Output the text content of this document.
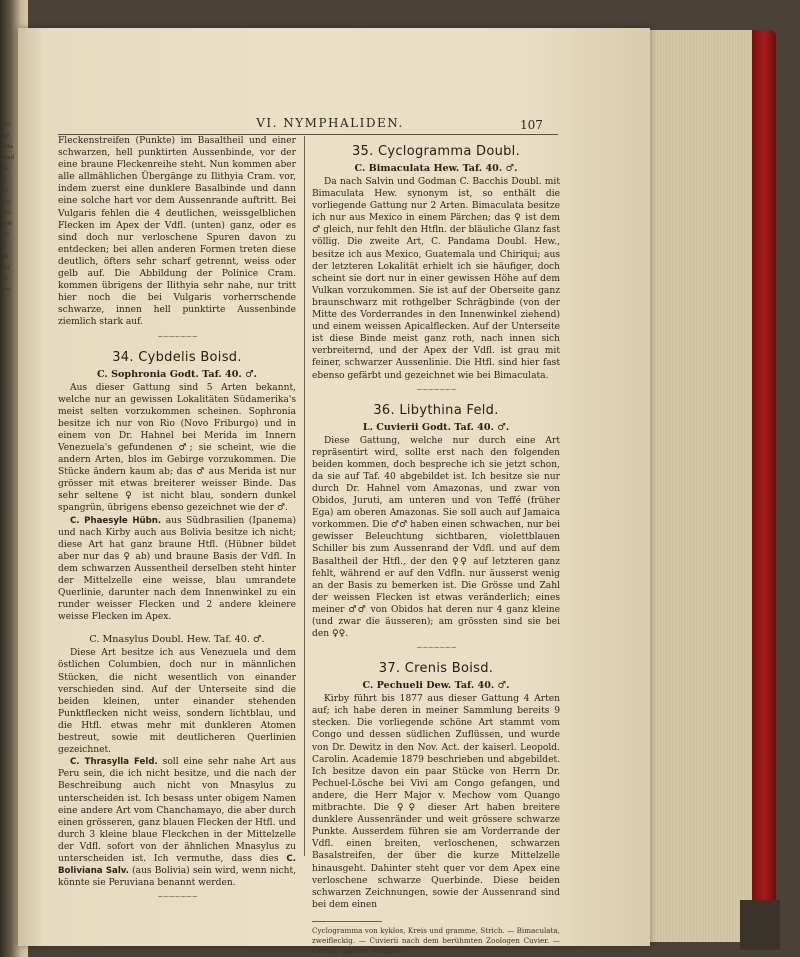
·ilfd·
·sul
·ttdo
·Stad
·tei
·d
Wir
·luu
·lles
·Mal
·dti
·in
·ler
·ittl
·en
·ent
VI. NYMPHALIDEN.	107

Fleckenstreifen (Punkte) im Basaltheil und einer schwarzen, hell punktirten Aussenbinde, vor der eine braune Fleckenreihe steht. Nun kommen aber alle allmählichen Übergänge zu Ilithyia Cram. vor, indem zuerst eine dunklere Basalbinde und dann eine solche hart vor dem Aussenrande auftritt. Bei Vulgaris fehlen die 4 deutlichen, weissgelblichen Flecken im Apex der Vdfl. (unten) ganz, oder es sind doch nur verloschene Spuren davon zu entdecken; bei allen anderen Formen treten diese deutlich, öfters sehr scharf getrennt, weiss oder gelb auf. Die Abbildung der Polinice Cram. kommen übrigens der Ilithyia sehr nahe, nur tritt hier noch die bei Vulgaris vorherrschende schwarze, innen hell punktirte Aussenbinde ziemlich stark auf.

∽∽∽∽∽∽∽
34. Cybdelis Boisd.
C. Sophronia Godt. Taf. 40. ♂.

Aus dieser Gattung sind 5 Arten bekannt, welche nur an gewissen Lokalitäten Südamerika's meist selten vorzukommen scheinen. Sophronia besitze ich nur von Rio (Novo Friburgo) und in einem von Dr. Hahnel bei Merida im Innern Venezuela's gefundenen ♂; sie scheint, wie die andern Arten, blos im Gebirge vorzukommen. Die Stücke ändern kaum ab; das ♂ aus Merida ist nur grösser mit etwas breiterer weisser Binde. Das sehr seltene ♀ ist nicht blau, sondern dunkel spangrün, übrigens ebenso gezeichnet wie der ♂.

C. Phaesyle Hübn. aus Südbrasilien (Ipanema) und nach Kirby auch aus Bolivia besitze ich nicht; diese Art hat ganz braune Htfl. (Hübner bildet aber nur das ♀ ab) und braune Basis der Vdfl. In dem schwarzen Aussentheil derselben steht hinter der Mittelzelle eine weisse, blau umrandete Querlinie, darunter nach dem Innenwinkel zu ein runder weisser Flecken und 2 andere kleinere weisse Flecken im Apex.

C. Mnasylus Doubl. Hew. Taf. 40. ♂.

Diese Art besitze ich aus Venezuela und dem östlichen Columbien, doch nur in männlichen Stücken, die nicht wesentlich von einander verschieden sind. Auf der Unterseite sind die beiden kleinen, unter einander stehenden Punktflecken nicht weiss, sondern lichtblau, und die Htfl. etwas mehr mit dunkleren Atomen bestreut, sowie mit deutlicheren Querlinien gezeichnet.

C. Thrasylla Feld. soll eine sehr nahe Art aus Peru sein, die ich nicht besitze, und die nach der Beschreibung auch nicht von Mnasylus zu unterscheiden ist. Ich besass unter obigem Namen eine andere Art vom Chanchamayo, die aber durch einen grösseren, ganz blauen Flecken der Htfl. und durch 3 kleine blaue Fleckchen in der Mittelzelle der Vdfl. sofort von der ähnlichen Mnasylus zu unterscheiden ist. Ich vermuthe, dass dies C. Boliviana Salv. (aus Bolivia) sein wird, wenn nicht, könnte sie Peruviana benannt werden.

∽∽∽∽∽∽∽
35. Cyclogramma Doubl.
C. Bimaculata Hew. Taf. 40. ♂.

Da nach Salvin und Godman C. Bacchis Doubl. mit Bimaculata Hew. synonym ist, so enthält die vorliegende Gattung nur 2 Arten. Bimaculata besitze ich nur aus Mexico in einem Pärchen; das ♀ ist dem ♂ gleich, nur fehlt den Htfln. der bläuliche Glanz fast völlig. Die zweite Art, C. Pandama Doubl. Hew., besitze ich aus Mexico, Guatemala und Chiriqui; aus der letzteren Lokalität erhielt ich sie häufiger, doch scheint sie dort nur in einer gewissen Höhe auf dem Vulkan vorzukommen. Sie ist auf der Oberseite ganz braunschwarz mit rothgelber Schrägbinde (von der Mitte des Vorderrandes in den Innenwinkel ziehend) und einem weissen Apicalflecken. Auf der Unterseite ist diese Binde meist ganz roth, nach innen sich verbreiternd, und der Apex der Vdfl. ist grau mit feiner, schwarzer Aussenlinie. Die Htfl. sind hier fast ebenso gefärbt und gezeichnet wie bei Bimaculata.

∽∽∽∽∽∽∽
36. Libythina Feld.
L. Cuvierii Godt. Taf. 40. ♂.

Diese Gattung, welche nur durch eine Art repräsentirt wird, sollte erst nach den folgenden beiden kommen, doch bespreche ich sie jetzt schon, da sie auf Taf. 40 abgebildet ist. Ich besitze sie nur durch Dr. Hahnel vom Amazonas, und zwar von Obidos, Juruti, am unteren und von Teffé (früher Ega) am oberen Amazonas. Sie soll auch auf Jamaica vorkommen. Die ♂♂ haben einen schwachen, nur bei gewisser Beleuchtung sichtbaren, violettblauen Schiller bis zum Aussenrand der Vdfl. und auf dem Basaltheil der Htfl., der den ♀♀ auf letzteren ganz fehlt, während er auf den Vdfln. nur äusserst wenig an der Basis zu bemerken ist. Die Grösse und Zahl der weissen Flecken ist etwas veränderlich; eines meiner ♂♂ von Obidos hat deren nur 4 ganz kleine (und zwar die äusseren); am grössten sind sie bei den ♀♀.

∽∽∽∽∽∽∽
37. Crenis Boisd.
C. Pechueli Dew. Taf. 40. ♂.

Kirby führt bis 1877 aus dieser Gattung 4 Arten auf; ich habe deren in meiner Sammlung bereits 9 stecken. Die vorliegende schöne Art stammt vom Congo und dessen südlichen Zuflüssen, und wurde von Dr. Dewitz in den Nov. Act. der kaiserl. Leopold. Carolin. Academie 1879 beschrieben und abgebildet. Ich besitze davon ein paar Stücke von Herrn Dr. Pechuel-Lösche bei Vivi am Congo gefangen, und andere, die Herr Major v. Mechow vom Quango mitbrachte. Die ♀♀ dieser Art haben breitere dunklere Aussenränder und weit grössere schwarze Punkte. Ausserdem führen sie am Vorderrande der Vdfl. einen breiten, verloschenen, schwarzen Basalstreifen, der über die kurze Mittelzelle hinausgeht. Dahinter steht quer vor dem Apex eine verloschene schwarze Querbinde. Diese beiden schwarzen Zeichnungen, sowie der Aussenrand sind bei dem einen

Cyclogramma von kyklos, Kreis und gramme, Strich. — Bimaculata, zweifleckig. — Cuvierii nach dem berühmten Zoologen Cuvier. — Crenis, Quellen-Nymphe.
